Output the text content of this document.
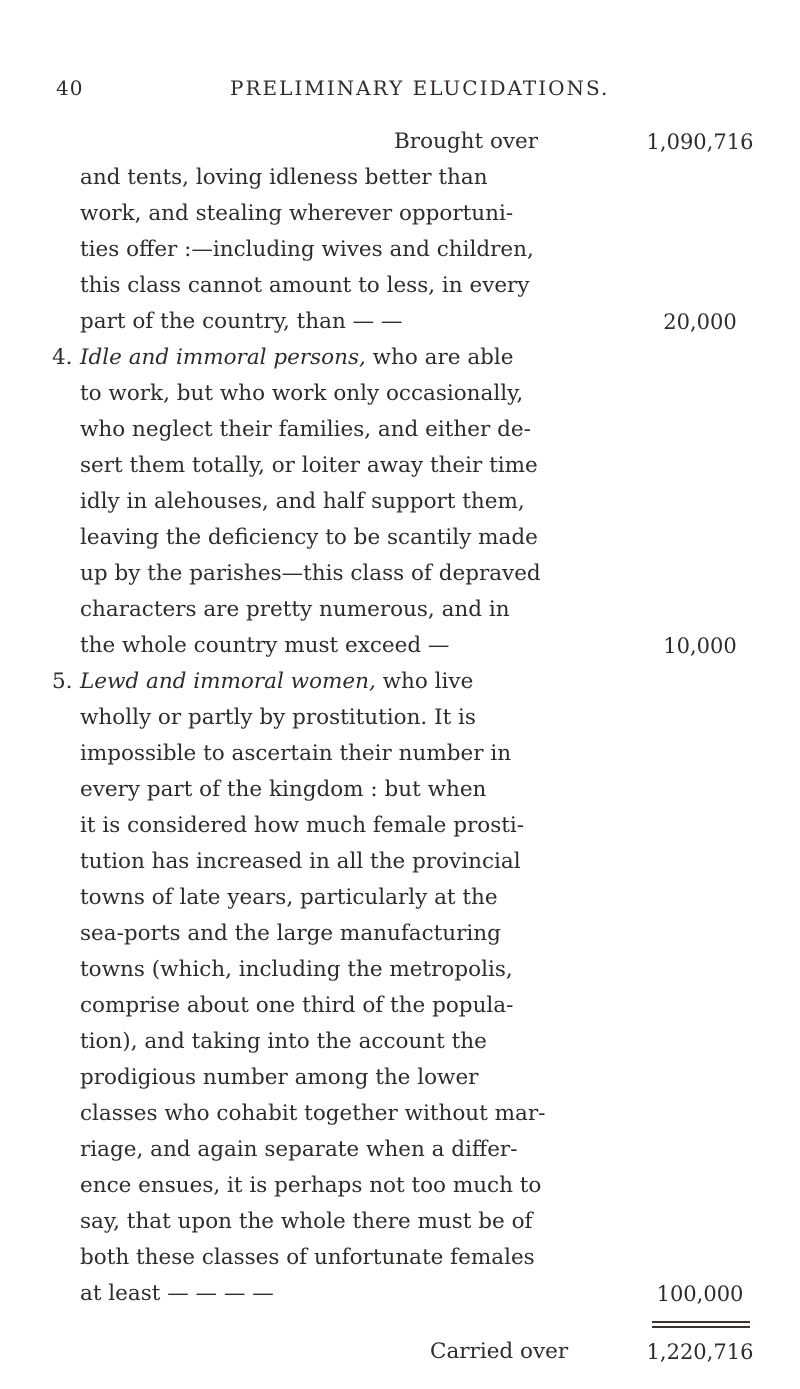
40	PRELIMINARY ELUCIDATIONS.
Brought over	1,090,716
and tents, loving idleness better than
work, and stealing wherever opportuni-
ties offer :—including wives and children,
this class cannot amount to less, in every
part of the country, than — —	20,000
4. Idle and immoral persons, who are able
to work, but who work only occasionally,
who neglect their families, and either de-
sert them totally, or loiter away their time
idly in alehouses, and half support them,
leaving the deficiency to be scantily made
up by the parishes—this class of depraved
characters are pretty numerous, and in
the whole country must exceed —	10,000
5. Lewd and immoral women, who live
wholly or partly by prostitution. It is
impossible to ascertain their number in
every part of the kingdom : but when
it is considered how much female prosti-
tution has increased in all the provincial
towns of late years, particularly at the
sea-ports and the large manufacturing
towns (which, including the metropolis,
comprise about one third of the popula-
tion), and taking into the account the
prodigious number among the lower
classes who cohabit together without mar-
riage, and again separate when a differ-
ence ensues, it is perhaps not too much to
say, that upon the whole there must be of
both these classes of unfortunate females
at least — — — —	100,000
Carried over	1,220,716
